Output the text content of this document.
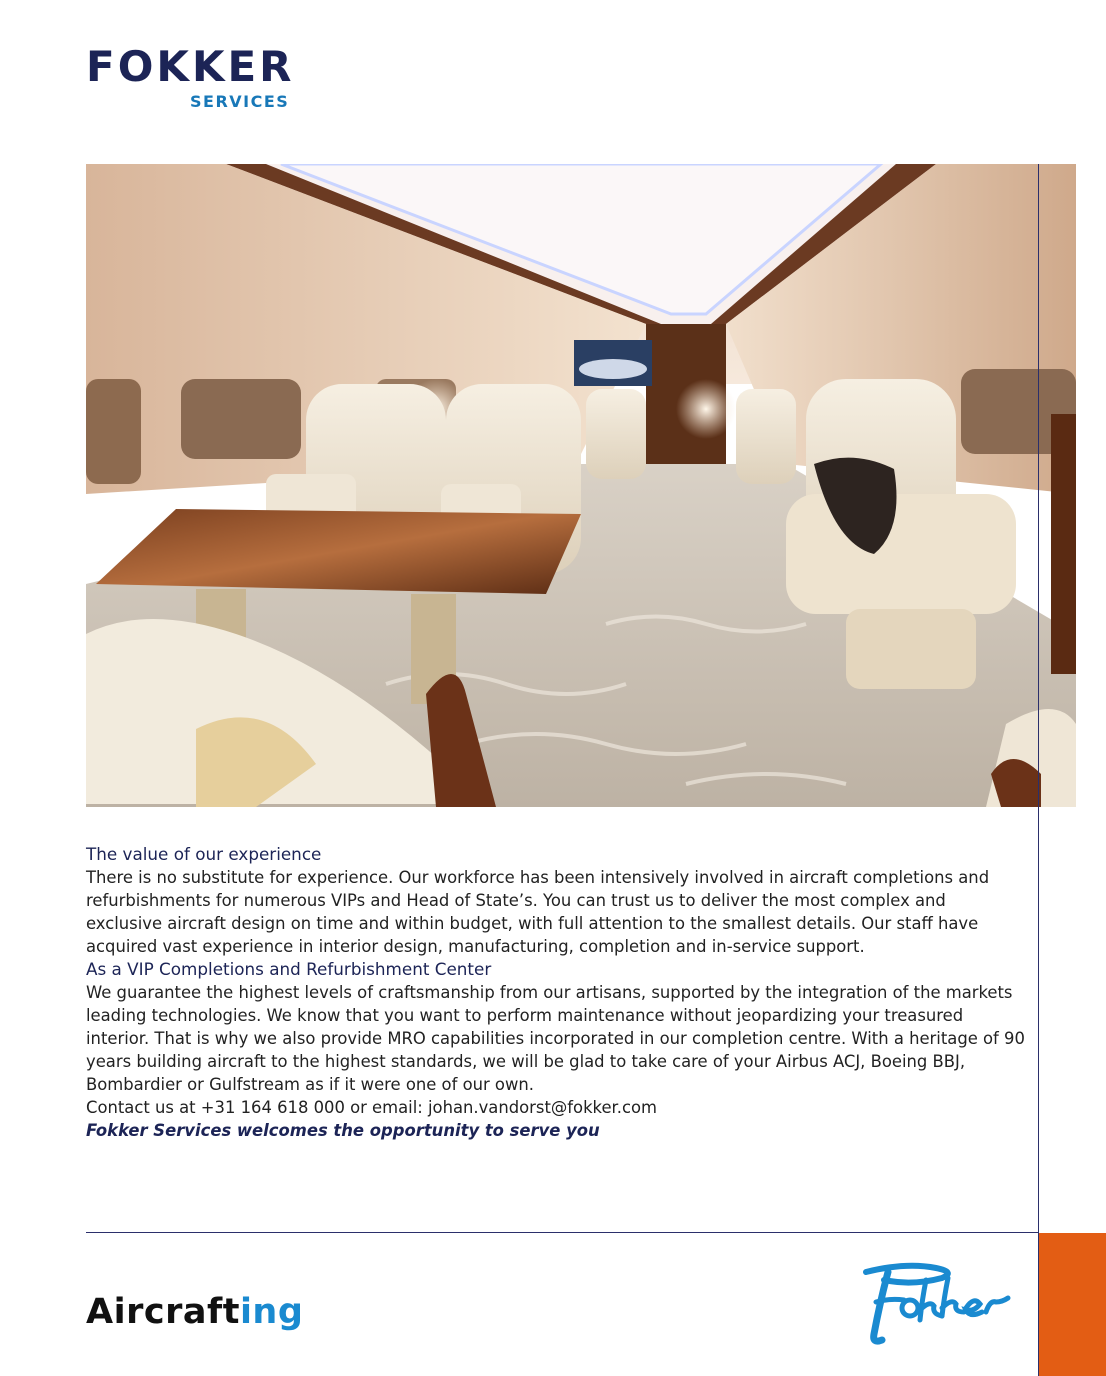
FOKKER
SERVICES
The value of our experience

There is no substitute for experience. Our workforce has been intensively involved in aircraft completions and refurbishments for numerous VIPs and Head of State’s. You can trust us to deliver the most complex and exclusive aircraft design on time and within budget, with full attention to the smallest details. Our staff have acquired vast experience in interior design, manufacturing, completion and in-service support.

As a VIP Completions and Refurbishment Center

We guarantee the highest levels of craftsmanship from our artisans, supported by the integration of the markets leading technologies. We know that you want to perform maintenance without jeopardizing your treasured interior. That is why we also provide MRO capabilities incorporated in our completion centre. With a heritage of 90 years building aircraft to the highest standards, we will be glad to take care of your Airbus ACJ, Boeing BBJ, Bombardier or Gulfstream as if it were one of our own.

Contact us at +31 164 618 000 or email: johan.vandorst@fokker.com

Fokker Services welcomes the opportunity to serve you

Aircrafting
